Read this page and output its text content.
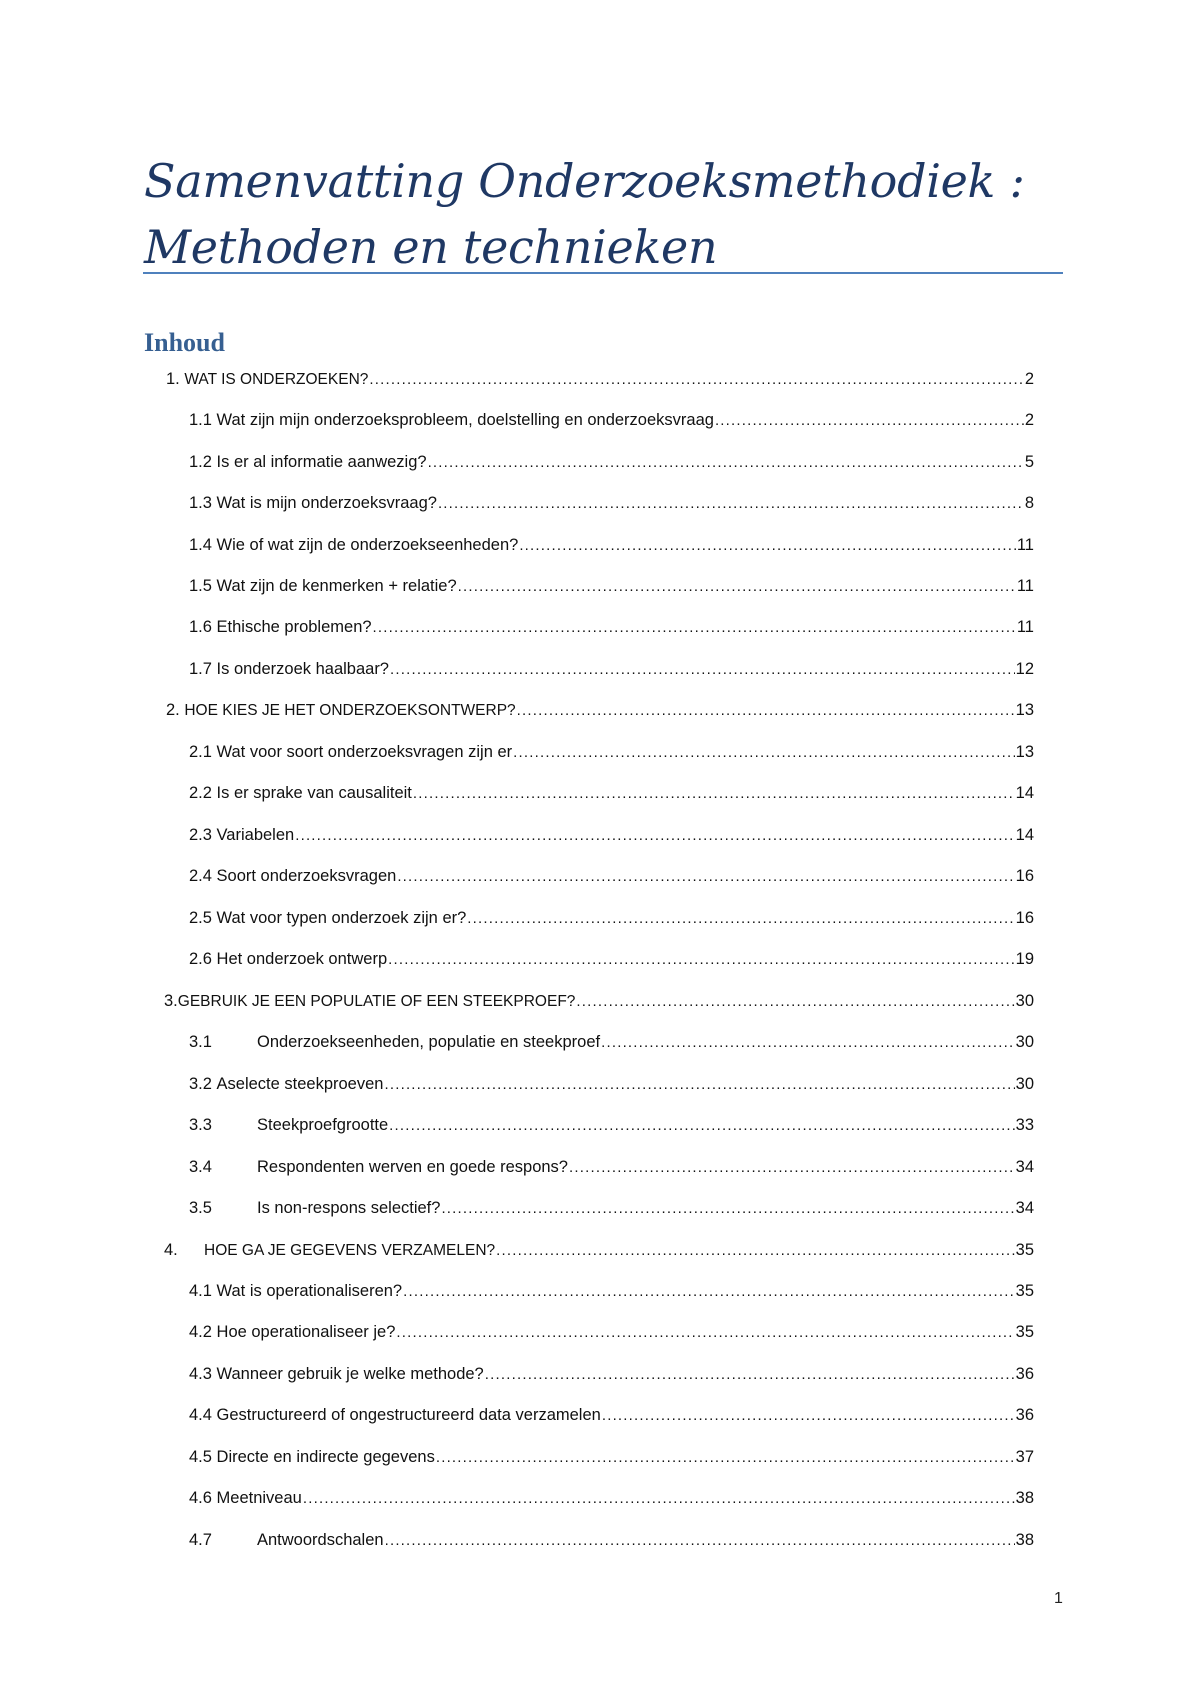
Samenvatting Onderzoeksmethodiek :
Methoden en technieken
Inhoud
1.
WAT IS ONDERZOEKEN? .....	2
1.1
Wat zijn mijn onderzoeksprobleem, doelstelling en onderzoeksvraag .....	2
1.2
Is er al informatie aanwezig? .....	5
1.3
Wat is mijn onderzoeksvraag? .....	8
1.4
Wie of wat zijn de onderzoekseenheden? .....	11
1.5
Wat zijn de kenmerken + relatie? .....	11
1.6
Ethische problemen? .....	11
1.7
Is onderzoek haalbaar? .....	12
2.
HOE KIES JE HET ONDERZOEKSONTWERP? .....	13
2.1
Wat voor soort onderzoeksvragen zijn er .....	13
2.2
Is er sprake van causaliteit .....	14
2.3
Variabelen .....	14
2.4
Soort onderzoeksvragen .....	16
2.5
Wat voor typen onderzoek zijn er? .....	16
2.6
Het onderzoek ontwerp .....	19
3. GEBRUIK JE EEN POPULATIE OF EEN STEEKPROEF? .....	30
3.1	Onderzoekseenheden, populatie en steekproef .....	30
3.2
Aselecte steekproeven .....	30
3.3	Steekproefgrootte .....	33
3.4	Respondenten werven en goede respons? .....	34
3.5	Is non-respons selectief? .....	34
4.	HOE GA JE GEGEVENS VERZAMELEN? .....	35
4.1
Wat is operationaliseren? .....	35
4.2
Hoe operationaliseer je? .....	35
4.3
Wanneer gebruik je welke methode? .....	36
4.4
Gestructureerd of ongestructureerd data verzamelen .....	36
4.5
Directe en indirecte gegevens .....	37
4.6
Meetniveau .....	38
4.7	Antwoordschalen .....	38
1
